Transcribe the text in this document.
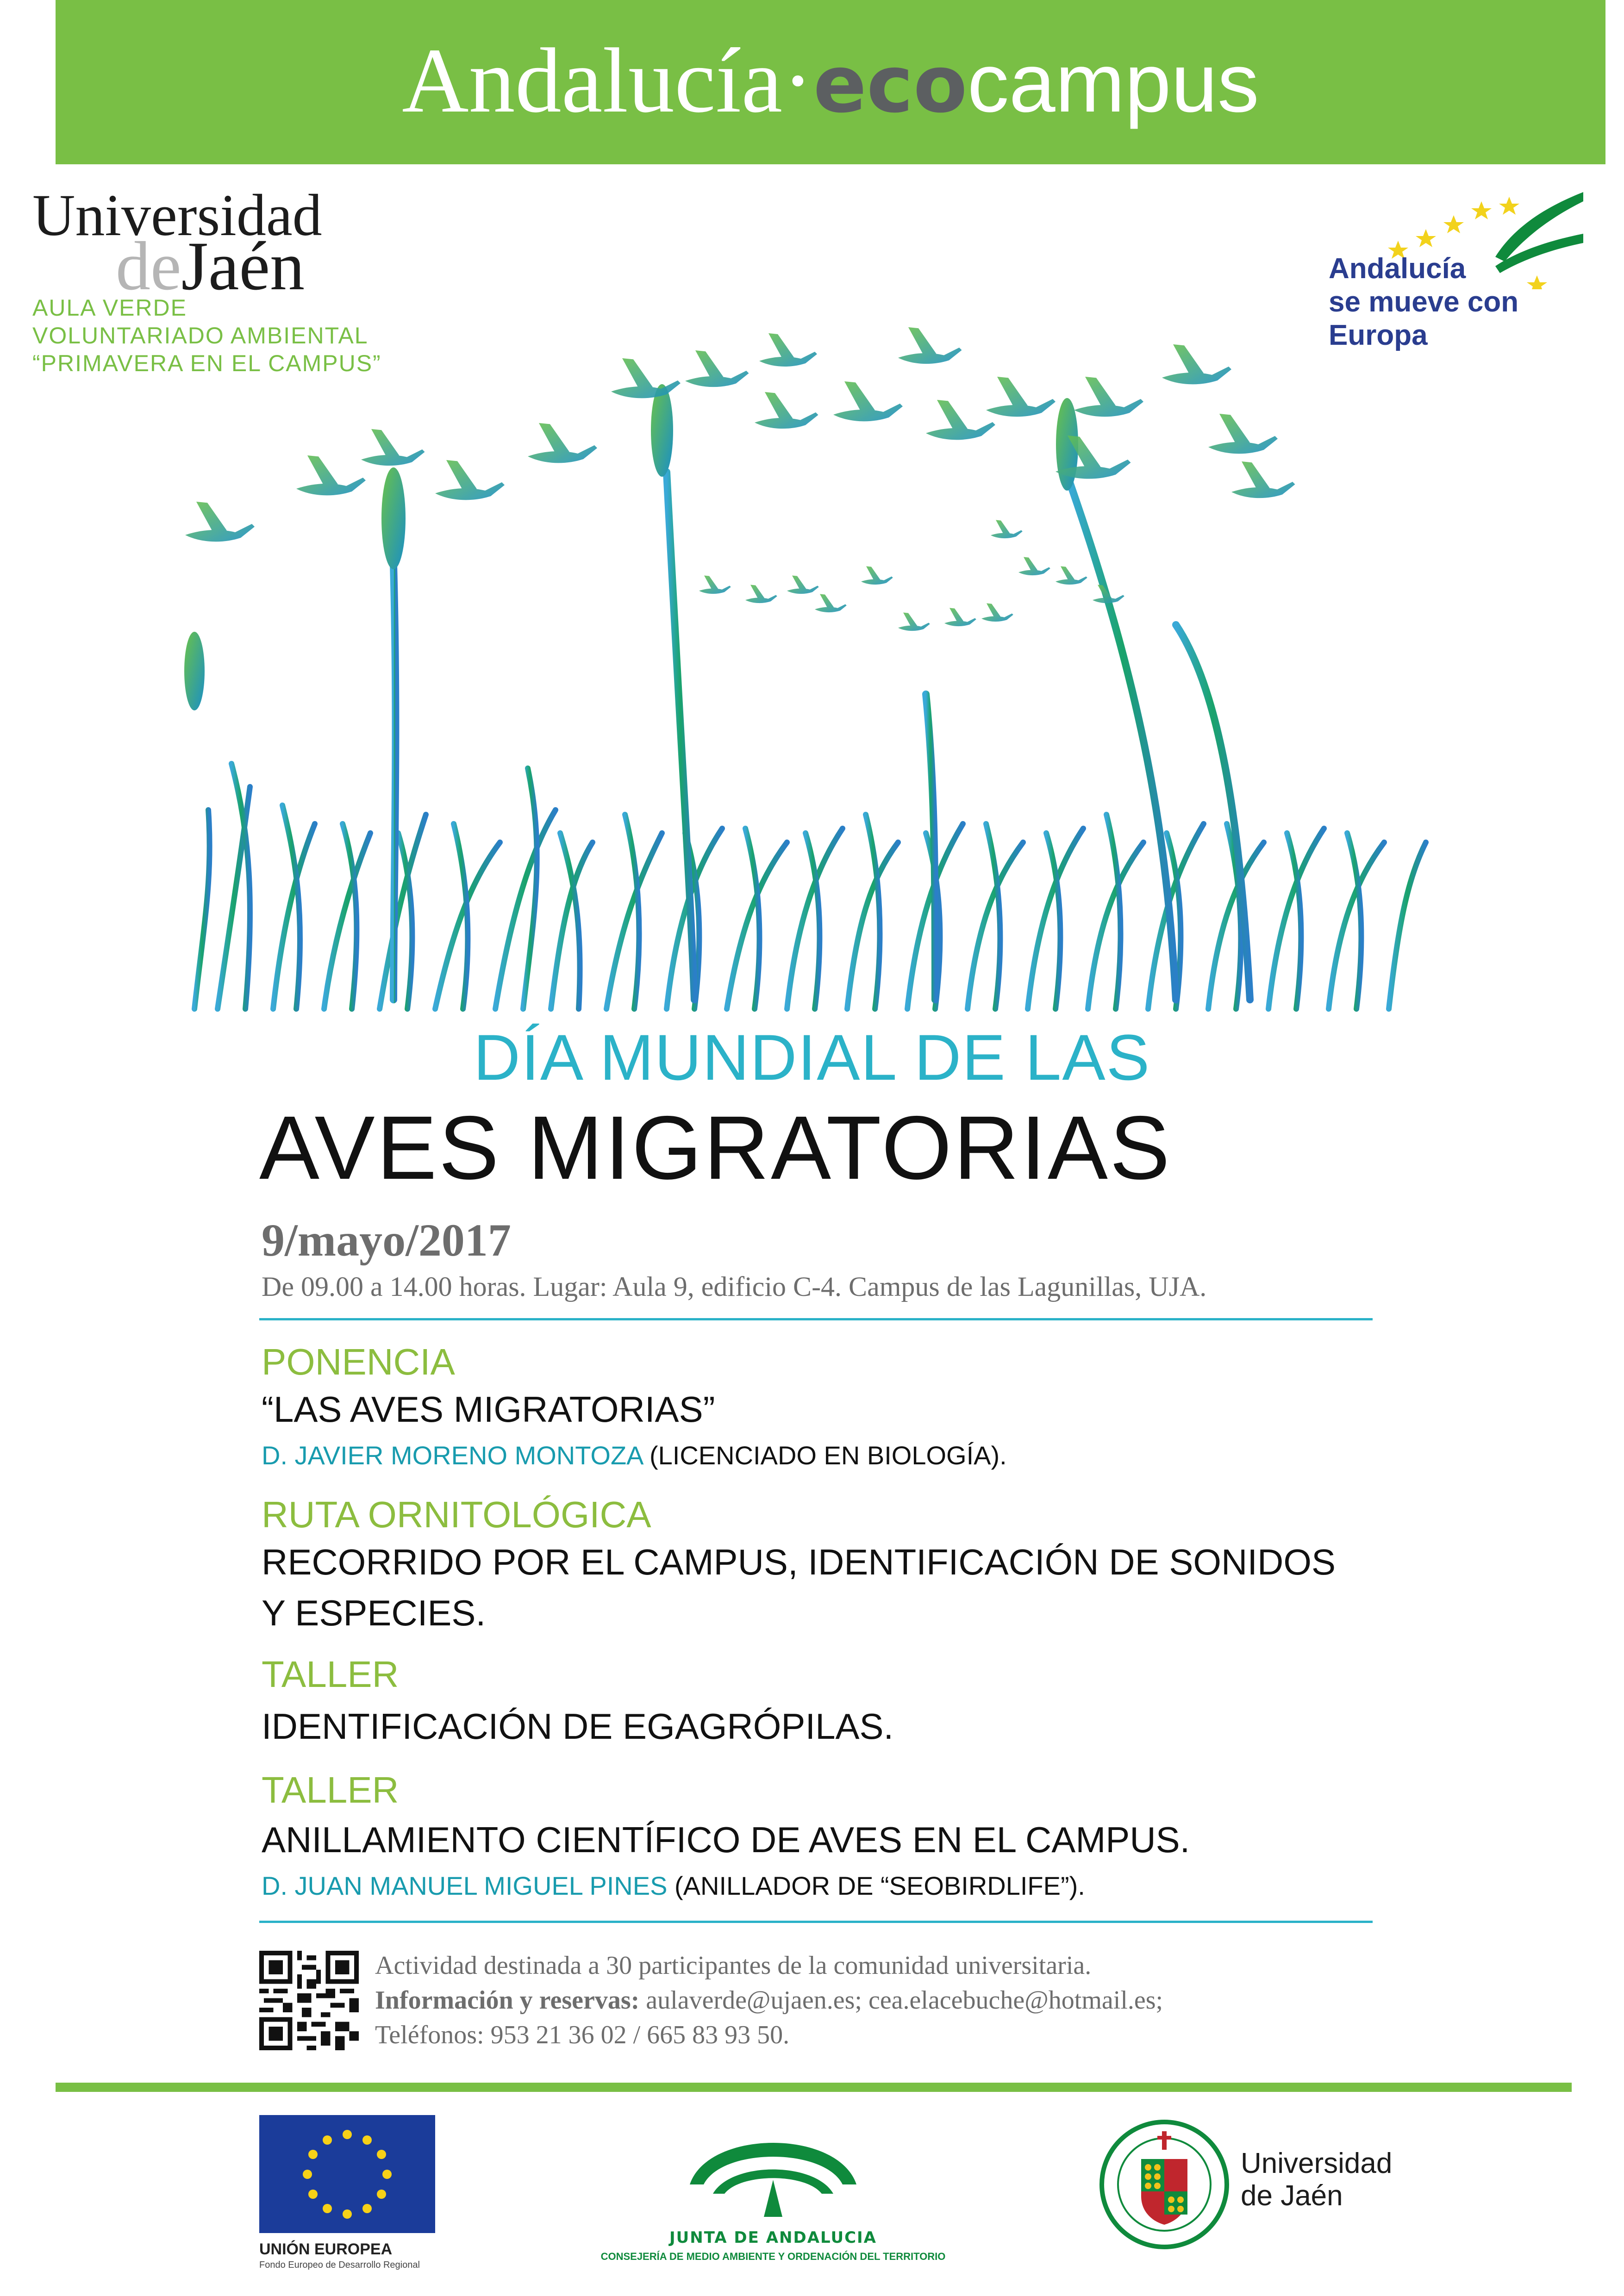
Andalucía·ecocampus
Universidad
deJaén
AULA VERDE
VOLUNTARIADO AMBIENTAL
“PRIMAVERA EN EL CAMPUS”
Andalucía
se mueve con Europa
DÍA MUNDIAL DE LAS
AVES MIGRATORIAS
9/mayo/2017
De 09.00 a 14.00 horas. Lugar: Aula 9, edificio C-4. Campus de las Lagunillas, UJA.
PONENCIA
“LAS AVES MIGRATORIAS”
D. JAVIER MORENO MONTOZA (LICENCIADO EN BIOLOGÍA).
RUTA ORNITOLÓGICA
RECORRIDO POR EL CAMPUS, IDENTIFICACIÓN DE SONIDOS
Y ESPECIES.
TALLER
IDENTIFICACIÓN DE EGAGRÓPILAS.
TALLER
ANILLAMIENTO CIENTÍFICO DE AVES EN EL CAMPUS.
D. JUAN MANUEL MIGUEL PINES (ANILLADOR DE “SEOBIRDLIFE”).
Actividad destinada a 30 participantes de la comunidad universitaria.
Información y reservas: aulaverde@ujaen.es; cea.elacebuche@hotmail.es;
Teléfonos: 953 21 36 02 / 665 83 93 50.
UNIÓN EUROPEA
Fondo Europeo de Desarrollo Regional
JUNTA DE ANDALUCIA
CONSEJERÍA DE MEDIO AMBIENTE Y ORDENACIÓN DEL TERRITORIO
Universidad
de Jaén
